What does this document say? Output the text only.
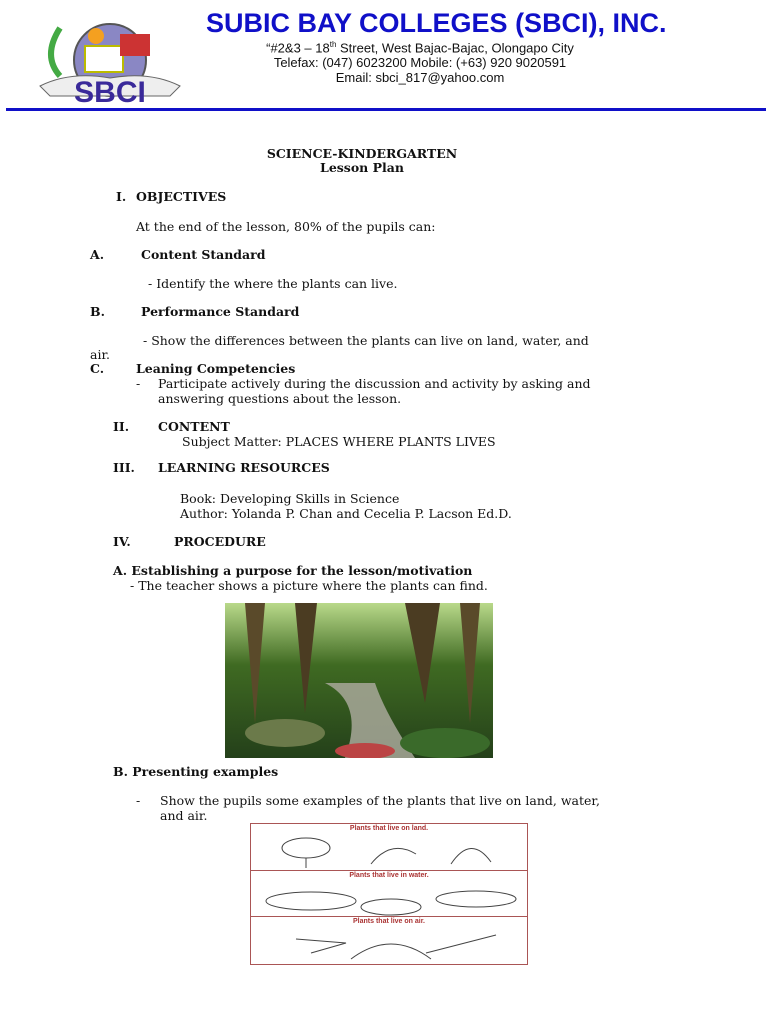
SBCI
SUBIC BAY COLLEGES (SBCI), INC.
“#2&3 – 18th Street, West Bajac-Bajac, Olongapo City
Telefax: (047) 6023200 Mobile: (+63) 920 9020591
Email: sbci_817@yahoo.com
SCIENCE-KINDERGARTEN
Lesson Plan
I. OBJECTIVES
At the end of the lesson, 80% of the pupils can:
A.	Content Standard
- Identify the where the plants can live.
B.	Performance Standard
- Show the differences between the plants can live on land, water, and
air.
C.	Leaning Competencies
- Participate actively during the discussion and activity by asking and
answering questions about the lesson.
II. CONTENT
Subject Matter: PLACES WHERE PLANTS LIVES
III. LEARNING RESOURCES
Book: Developing Skills in Science
Author: Yolanda P. Chan and Cecelia P. Lacson Ed.D.
IV.	PROCEDURE
A. Establishing a purpose for the lesson/motivation
- The teacher shows a picture where the plants can find.
B. Presenting examples
- Show the pupils some examples of the plants that live on land, water,
and air.
Plants that live on land.
Plants that live in water.
Plants that live on air.
